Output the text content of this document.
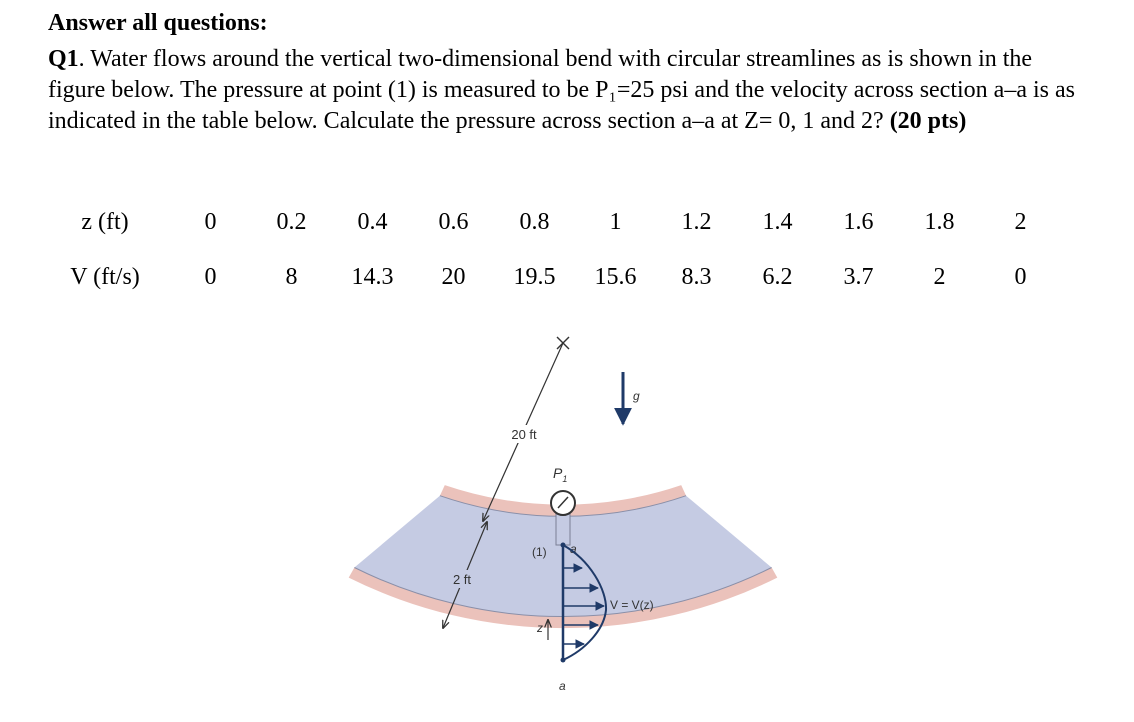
Answer all questions:
Q1. Water flows around the vertical two-dimensional bend with circular streamlines as is shown in the figure below. The pressure at point (1) is measured to be P₁=25 psi and the velocity across section a–a is as indicated in the table below. Calculate the pressure across section a–a at Z= 0, 1 and 2? (20 pts)
z (ft)	0	0.2	0.4	0.6	0.8	1	1.2	1.4	1.6	1.8	2
V (ft/s)	0	8	14.3	20	19.5	15.6	8.3	6.2	3.7	2	0
20 ft
2 ft
g
$P_1$
a
a
(1)
V = V(z)
z
